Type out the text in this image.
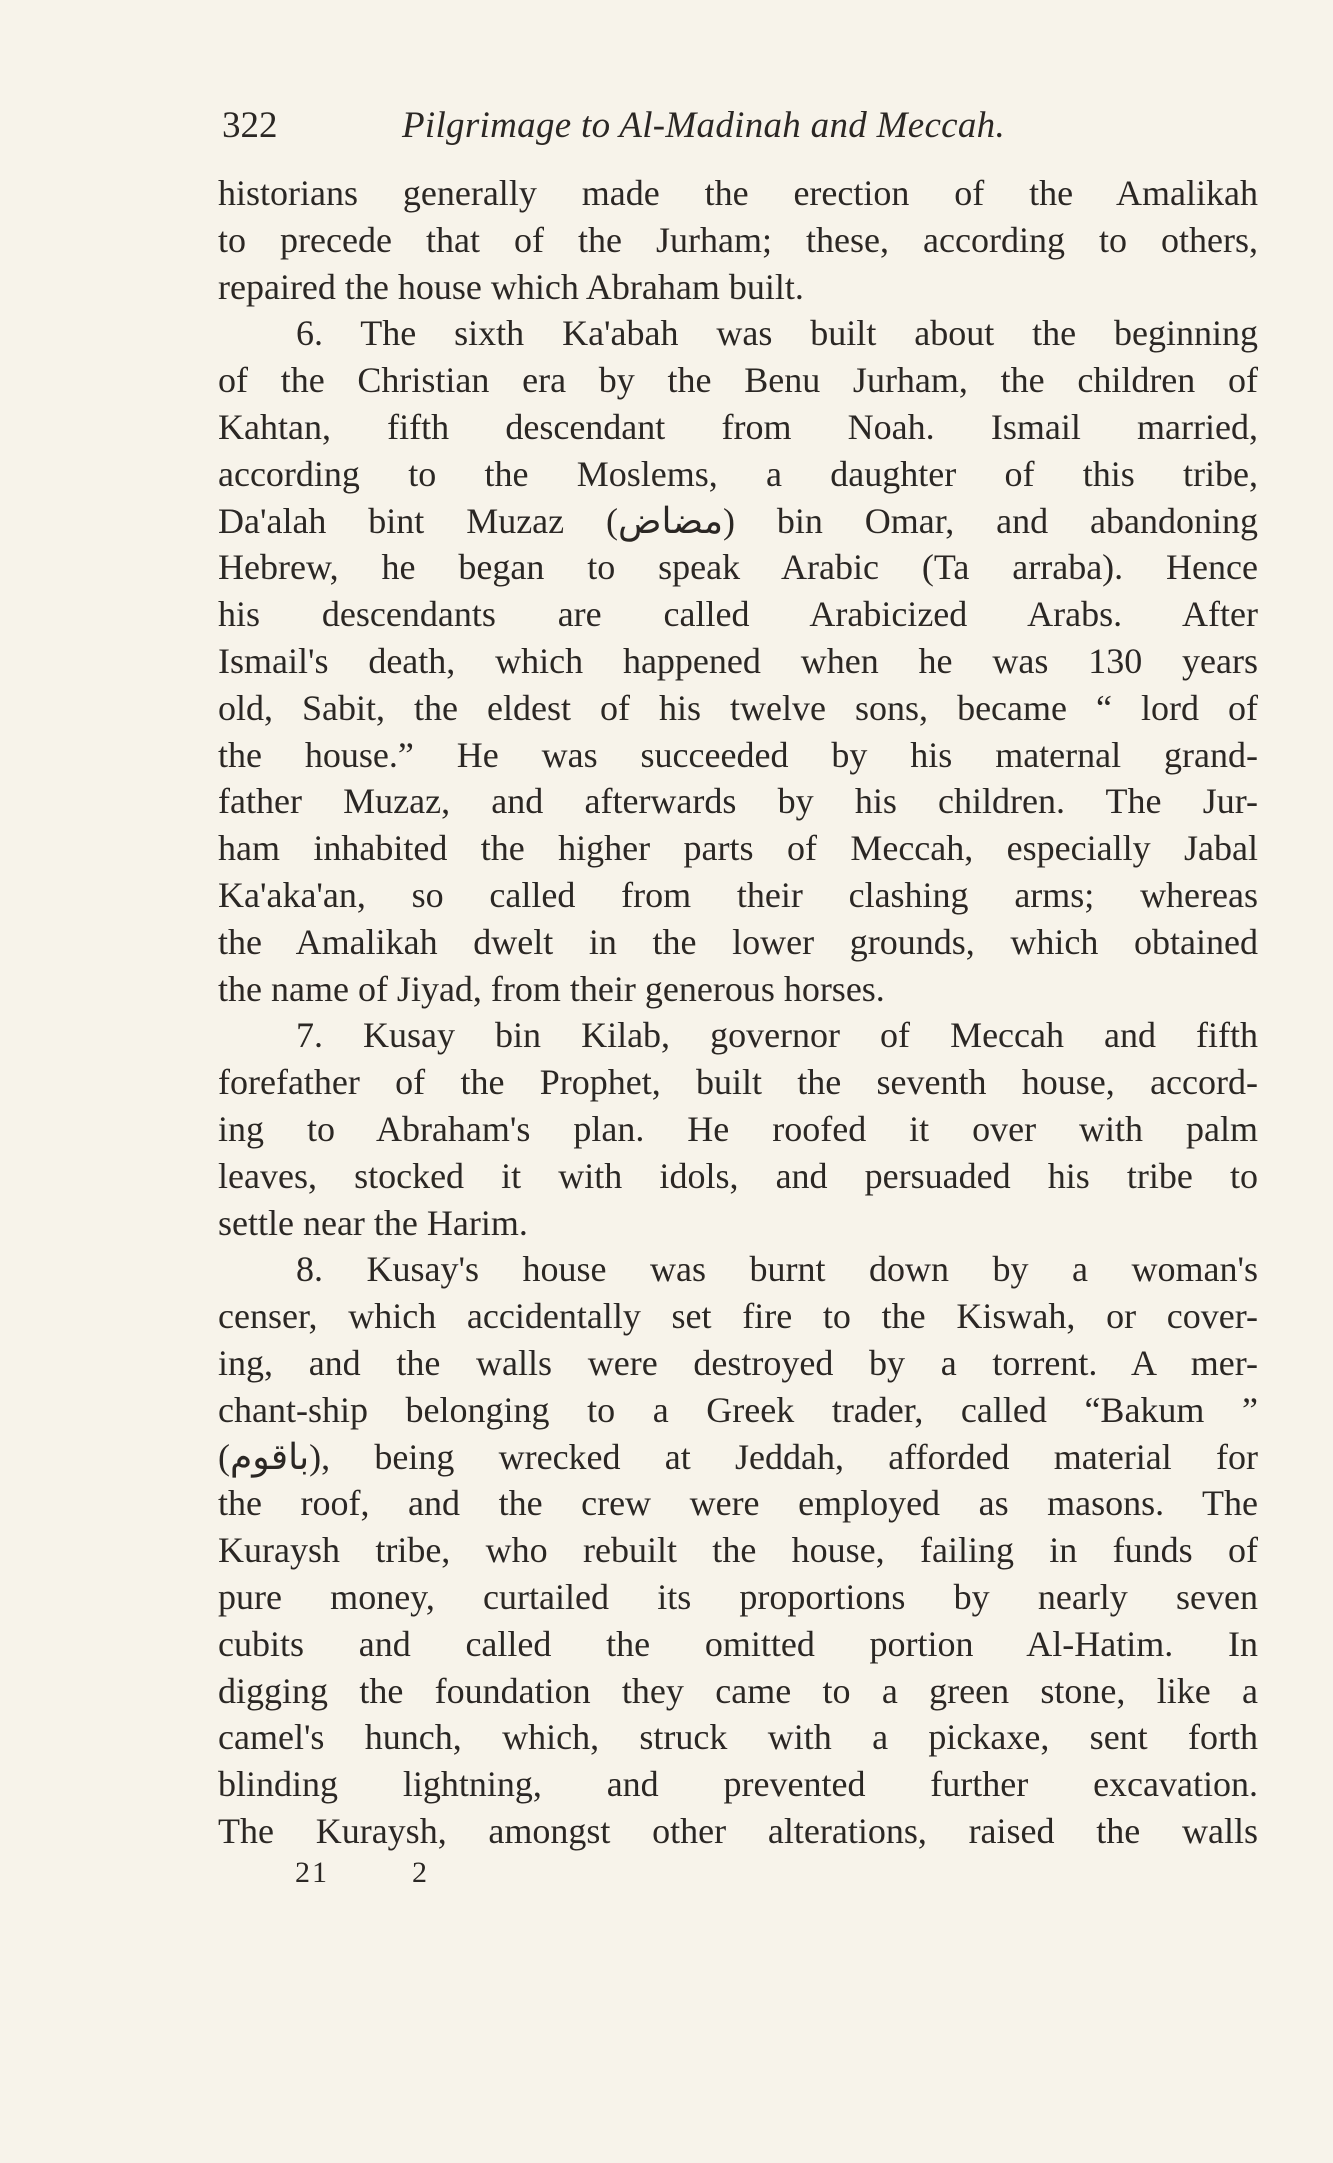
322	Pilgrimage to Al-Madinah and Meccah.
historians generally made the erection of the Amalikah
to precede that of the Jurham; these, according to others,
repaired the house which Abraham built.
6. The sixth Ka'abah was built about the beginning
of the Christian era by the Benu Jurham, the children of
Kahtan, fifth descendant from Noah. Ismail married,
according to the Moslems, a daughter of this tribe,
Da'alah bint Muzaz (مضاض) bin Omar, and abandoning
Hebrew, he began to speak Arabic (Ta arraba). Hence
his descendants are called Arabicized Arabs. After
Ismail's death, which happened when he was 130 years
old, Sabit, the eldest of his twelve sons, became “ lord of
the house.” He was succeeded by his maternal grand-
father Muzaz, and afterwards by his children. The Jur-
ham inhabited the higher parts of Meccah, especially Jabal
Ka'aka'an, so called from their clashing arms; whereas
the Amalikah dwelt in the lower grounds, which obtained
the name of Jiyad, from their generous horses.
7. Kusay bin Kilab, governor of Meccah and fifth
forefather of the Prophet, built the seventh house, accord-
ing to Abraham's plan. He roofed it over with palm
leaves, stocked it with idols, and persuaded his tribe to
settle near the Harim.
8. Kusay's house was burnt down by a woman's
censer, which accidentally set fire to the Kiswah, or cover-
ing, and the walls were destroyed by a torrent. A mer-
chant-ship belonging to a Greek trader, called “Bakum ”
(باقوم), being wrecked at Jeddah, afforded material for
the roof, and the crew were employed as masons. The
Kuraysh tribe, who rebuilt the house, failing in funds of
pure money, curtailed its proportions by nearly seven
cubits and called the omitted portion Al-Hatim. In
digging the foundation they came to a green stone, like a
camel's hunch, which, struck with a pickaxe, sent forth
blinding lightning, and prevented further excavation.
The Kuraysh, amongst other alterations, raised the walls
21	2
